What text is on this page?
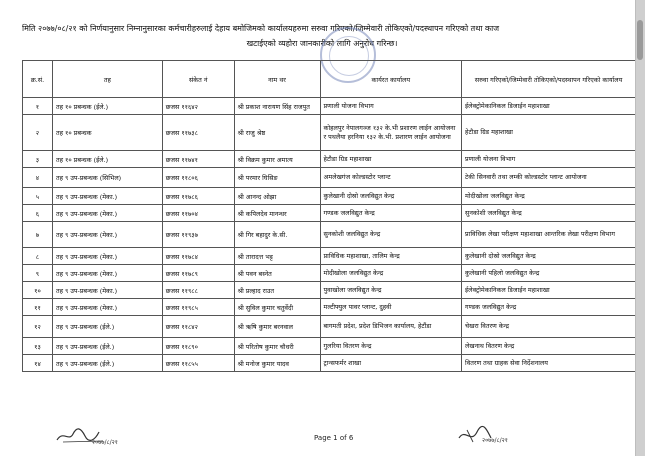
मिति २०७७/०८/२१ को निर्णयानुसार निम्नानुसारका कर्मचारीहरुलाई देहाय बमोजिमको कार्यालयहरुमा सरुवा गरिएको/जिम्मेवारी तोकिएको/पदस्थापन गरिएको तथा काज
खटाईएको व्यहोरा जानकारीको लागि अनुरोध गरिन्छ।
क्र.सं.	तह	संकेत नं	नाम थर	कार्यरत कार्यालय	सरुवा गरिएको/जिम्मेवारी तोकिएको/पदस्थापन गरिएको कार्यालय
१	तह १० प्रबन्धक (ईले.)	छजस ११६४२	श्री प्रकाश नारायण सिंह राजपुत	प्रणाली योजना विभाग	ईलेक्ट्रोमेकानिकल डिजाईन महाशाखा
२	तह १० प्रबन्धक	छजस ११७३८	श्री राजु श्रेष्ठ	कोहलपुर नेपालगञ्ज १३२ के.भी प्रशारण लाईन आयोजना र पथलैया हरनिया १३२ के.भी. प्रशारण लाईन आयोजना	हेटौडा ग्रिड महाशाखा
३	तह १० प्रबन्धक (ईले.)	छजस ११७४१	श्री विक्रम कुमार अमात्य	हेटौडा ग्रिड महाशाखा	प्रणाली योजना विभाग
४	तह ९ उप-प्रबन्धक (सिभिल)	छजस ११८०६	श्री परमार घिसिङ	अमलेखगंज कोल्डस्टोर प्लान्ट	टेकी सिनवारी तथा लम्की कोल्डस्टोर प्लान्ट आयोजना
५	तह ९ उप-प्रबन्धक (मेका.)	छजस ११७८६	श्री आनन्द ओझा	कुलेखानी दोस्रो जलविद्युत केन्द्र	मोदीखोला जलविद्युत केन्द्र
६	तह ९ उप-प्रबन्धक (मेका.)	छजस ११७०४	श्री कपिलदेव मानन्धर	गण्डक जलविद्युत केन्द्र	सुनकोशी जलविद्युत केन्द्र
७	तह ९ उप-प्रबन्धक (मेका.)	छजस ११९३७	श्री गिर बहादुर के.सी.	सुनकोशी जलविद्युत केन्द्र	प्राविधिक लेखा परीक्षण महाशाखा आन्तरिक लेखा परीक्षण विभाग
८	तह ९ उप-प्रबन्धक (मेका.)	छजस ११७८४	श्री तारादत्त भट्ट	प्राविधिक महाशाखा, तालिम केन्द्र	कुलेखानी दोस्रो जलविद्युत केन्द्र
९	तह ९ उप-प्रबन्धक (मेका.)	छजस ११७८९	श्री पवन बस्नेत	मोदीखोला जलविद्युत केन्द्र	कुलेखानी पहिलो जलविद्युत केन्द्र
१०	तह ९ उप-प्रबन्धक (मेका.)	छजस ११९८८	श्री प्रल्हाद राउत	पुवाखोला जलविद्युत केन्द्र	ईलेक्ट्रोमेकानिकल डिजाईन महाशाखा
११	तह ९ उप-प्रबन्धक (मेका.)	छजस ११९८५	श्री सुविल कुमार चतुर्वेदी	मल्टीफ्युल पावर प्लान्ट, दुहवी	गण्डक जलविद्युत केन्द्र
१२	तह ९ उप-प्रबन्धक (ईले.)	छजस ११८४२	श्री ऋषि कुमार बरनवाल	बागमती प्रदेश, प्रदेश डिभिजन कार्यालय, हेटौंडा	चेखरा वितरण केन्द्र
१३	तह ९ उप-प्रबन्धक (ईले.)	छजस ११८९०	श्री परितोष कुमार चौधरी	गुलरिया वितरण केन्द्र	लेखनाथ वितरण केन्द्र
१४	तह ९ उप-प्रबन्धक (ईले.)	छजस ११८५५	श्री मनोज कुमार यादव	ट्रान्सफर्मर शाखा	वितरण तथा ग्राहक सेवा निर्देशनालय
२०७७/८/२१
Page 1 of 6	२०७७/८/२१
